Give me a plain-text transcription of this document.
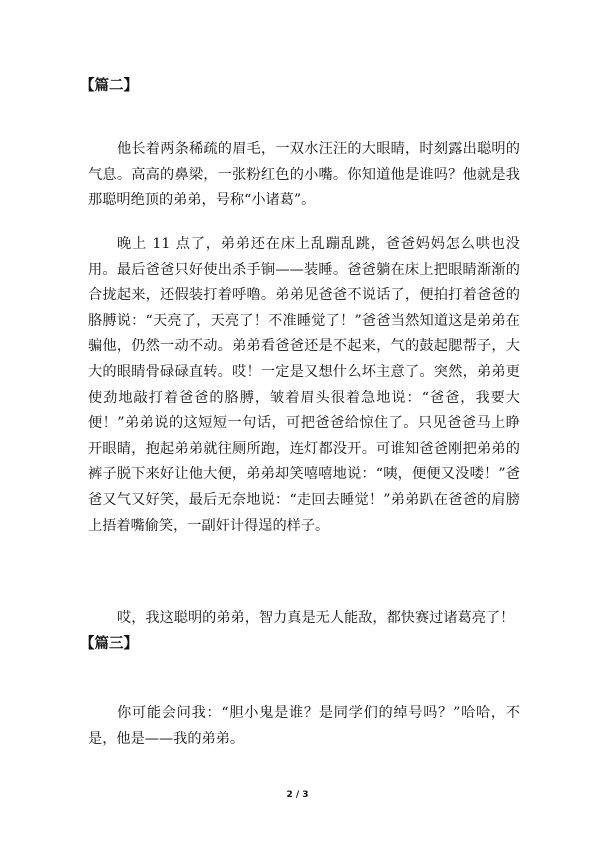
【篇二】

他长着两条稀疏的眉毛，一双水汪汪的大眼睛，时刻露出聪明的气息。高高的鼻梁，一张粉红色的小嘴。你知道他是谁吗？他就是我那聪明绝顶的弟弟，号称“小诸葛”。

晚上 11 点了，弟弟还在床上乱蹦乱跳，爸爸妈妈怎么哄也没用。最后爸爸只好使出杀手锏——装睡。爸爸躺在床上把眼睛渐渐的合拢起来，还假装打着呼噜。弟弟见爸爸不说话了，便拍打着爸爸的胳膊说：“天亮了，天亮了！不准睡觉了！”爸爸当然知道这是弟弟在骗他，仍然一动不动。弟弟看爸爸还是不起来，气的鼓起腮帮子，大大的眼睛骨碌碌直转。哎！一定是又想什么坏主意了。突然，弟弟更使劲地敲打着爸爸的胳膊，皱着眉头很着急地说：“爸爸，我要大便！”弟弟说的这短短一句话，可把爸爸给惊住了。只见爸爸马上睁开眼睛，抱起弟弟就往厕所跑，连灯都没开。可谁知爸爸刚把弟弟的裤子脱下来好让他大便，弟弟却笑嘻嘻地说：“咦，便便又没喽！”爸爸又气又好笑，最后无奈地说：“走回去睡觉！”弟弟趴在爸爸的肩膀上捂着嘴偷笑，一副奸计得逞的样子。

哎，我这聪明的弟弟，智力真是无人能敌，都快赛过诸葛亮了！

【篇三】

你可能会问我：“胆小鬼是谁？是同学们的绰号吗？”哈哈，不是，他是——我的弟弟。

2 / 3
